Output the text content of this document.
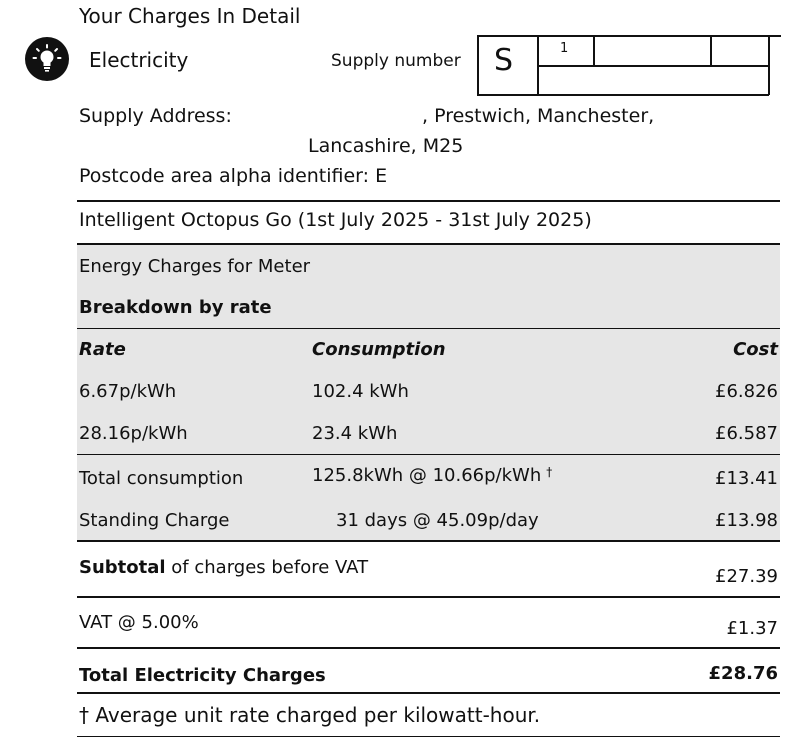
Your Charges In Detail
Electricity	Supply number S	1
Supply Address:	, Prestwich, Manchester,
Lancashire, M25
Postcode area alpha identifier: E
Intelligent Octopus Go (1st July 2025 - 31st July 2025)
Energy Charges for Meter
Breakdown by rate
Rate	Consumption	Cost
6.67p/kWh	102.4 kWh	£6.826
28.16p/kWh	23.4 kWh	£6.587
Total consumption	125.8kWh @ 10.66p/kWh †	£13.41
Standing Charge	31 days @ 45.09p/day	£13.98
Subtotal of charges before VAT	£27.39
VAT @ 5.00%	£1.37
Total Electricity Charges	£28.76
† Average unit rate charged per kilowatt-hour.
